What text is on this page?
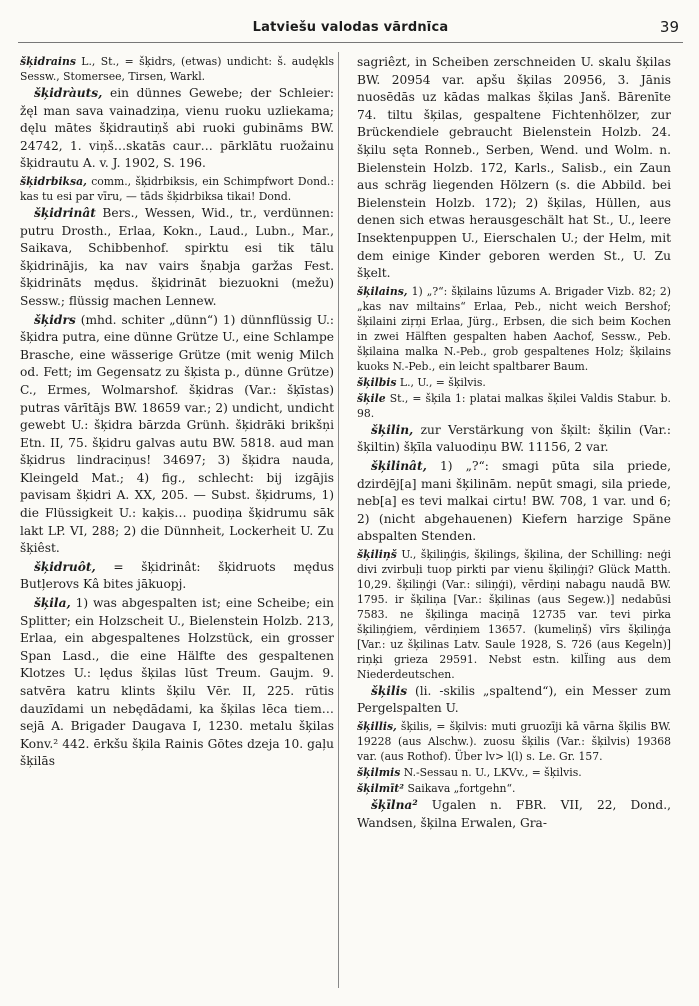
Latviešu valodas vārdnīca	39

šķidrains L., St., = šķidrs, (etwas) undicht: š. audękls Sessw., Stomersee, Tirsen, Warkl.

šķidràuts, ein dünnes Gewebe; der Schleier: žęl man sava vainadziņa, vienu ruoku uzliekama; dęlu mātes šķidrautiņš abi ruoki gubināms BW. 24742, 1. viņš…skatās caur… pārklātu ruožainu šķidrautu A. v. J. 1902, S. 196.

šķidrbiksa, comm., šķidrbiksis, ein Schimpfwort Dond.: kas tu esi par vīru, — tāds šķidrbiksa tikai! Dond.

šķidrinât Bers., Wessen, Wid., tr., verdünnen: putru Drosth., Erlaa, Kokn., Laud., Lubn., Mar., Saikava, Schibbenhof. spirktu esi tik tālu šķidrinājis, ka nav vairs šņabja garžas Fest. šķidrināts mędus. šķidrināt biezuokni (mežu) Sessw.; flüssig machen Lennew.

šķidrs (mhd. schiter „dünn“) 1) dünnflüssig U.: šķidra putra, eine dünne Grütze U., eine Schlampe Brasche, eine wässerige Grütze (mit wenig Milch od. Fett; im Gegensatz zu šķista p., dünne Grütze) C., Ermes, Wolmarshof. šķidras (Var.: šķīstas) putras vārītājs BW. 18659 var.; 2) undicht, undicht gewebt U.: šķidra bārzda Grünh. šķidrāki brikšņi Etn. II, 75. šķidru galvas autu BW. 5818. aud man šķidrus lindraciņus! 34697; 3) šķidra nauda, Kleingeld Mat.; 4) fig., schlecht: bij izgājis pavisam šķidri A. XX, 205. — Subst. šķidrums, 1) die Flüssigkeit U.: kaķis… puodiņa šķidrumu sāk lakt LP. VI, 288; 2) die Dünnheit, Lockerheit U. Zu šķiêst.

šķidruôt, = šķidrinât: šķidruots mędus Butļerovs Kâ bites jākuopj.

šķila, 1) was abgespalten ist; eine Scheibe; ein Splitter; ein Holzscheit U., Bielenstein Holzb. 213, Erlaa, ein abgespaltenes Holzstück, ein grosser Span Lasd., die eine Hälfte des gespaltenen Klotzes U.: lędus šķilas lūst Treum. Gaujm. 9. satvēra katru klints šķilu Vēr. II, 225. rūtis dauzīdami un nebędādami, ka šķilas lēca tiem… sejā A. Brigader Daugava I, 1230. metalu šķilas Konv.² 442. ērkšu šķila Rainis Gōtes dzeja 10. gaļu šķilās

sagriêzt, in Scheiben zerschneiden U. skalu šķilas BW. 20954 var. apšu šķilas 20956, 3. Jānis nuosēdās uz kādas malkas šķilas Janš. Bārenīte 74. tiltu šķilas, gespaltene Fichtenhölzer, zur Brückendiele gebraucht Bielenstein Holzb. 24. šķilu sęta Ronneb., Serben, Wend. und Wolm. n. Bielenstein Holzb. 172, Karls., Salisb., ein Zaun aus schräg liegenden Hölzern (s. die Abbild. bei Bielenstein Holzb. 172); 2) šķilas, Hüllen, aus denen sich etwas herausgeschält hat St., U., leere Insektenpuppen U., Eierschalen U.; der Helm, mit dem einige Kinder geboren werden St., U. Zu šķelt.

šķilains, 1) „?“: šķilains lūzums A. Brigader Vizb. 82; 2) „kas nav miltains“ Erlaa, Peb., nicht weich Bershof; šķilaini ziŗņi Erlaa, Jürg., Erbsen, die sich beim Kochen in zwei Hälften gespalten haben Aachof, Sessw., Peb. šķilaina malka N.-Peb., grob gespaltenes Holz; šķilains kuoks N.-Peb., ein leicht spaltbarer Baum.

šķilbis L., U., = šķilvis.

šķile St., = šķila 1: platai malkas šķilei Valdis Stabur. b. 98.

šķilin, zur Verstärkung von šķilt: šķilin (Var.: šķiltin) šķīla valuodiņu BW. 11156, 2 var.

šķilinât, 1) „?“: smagi pūta sila priede, dzirdēj[a] mani šķilinām. nepūt smagi, sila priede, neb[a] es tevi malkai cirtu! BW. 708, 1 var. und 6; 2) (nicht abgehauenen) Kiefern harzige Späne abspalten Stenden.

šķiliņš U., šķiliņģis, šķilings, šķilina, der Schilling: neģi divi zvirbuļi tuop pirkti par vienu šķiliņģi? Glück Matth. 10,29. šķiliņģi (Var.: siliņģi), vērdiņi nabagu naudā BW. 1795. ir šķiliņa [Var.: šķilinas (aus Segew.)] nedabūsi 7583. ne šķilinga maciņā 12735 var. tevi pirka šķiliņģiem, vērdiņiem 13657. (kumeliņš) vīrs šķiliņģa [Var.: uz šķilinas Latv. Saule 1928, S. 726 (aus Kegeln)] riņķi grieza 29591. Nebst estn. kilÏing aus dem Niederdeutschen.

šķilis (li. -skilis „spaltend“), ein Messer zum Pergelspalten U.

šķillis, šķilis, = šķilvis: muti gruozīji kā vārna šķilis BW. 19228 (aus Alschw.). zuosu šķilis (Var.: šķilvis) 19368 var. (aus Rothof). Über lv> l(l) s. Le. Gr. 157.

šķilmis N.-Sessau n. U., LKVv., = šķilvis.

šķilmīt² Saikava „fortgehn“.

šķīlna² Ugalen n. FBR. VII, 22, Dond., Wandsen, šķilna Erwalen, Gra-
